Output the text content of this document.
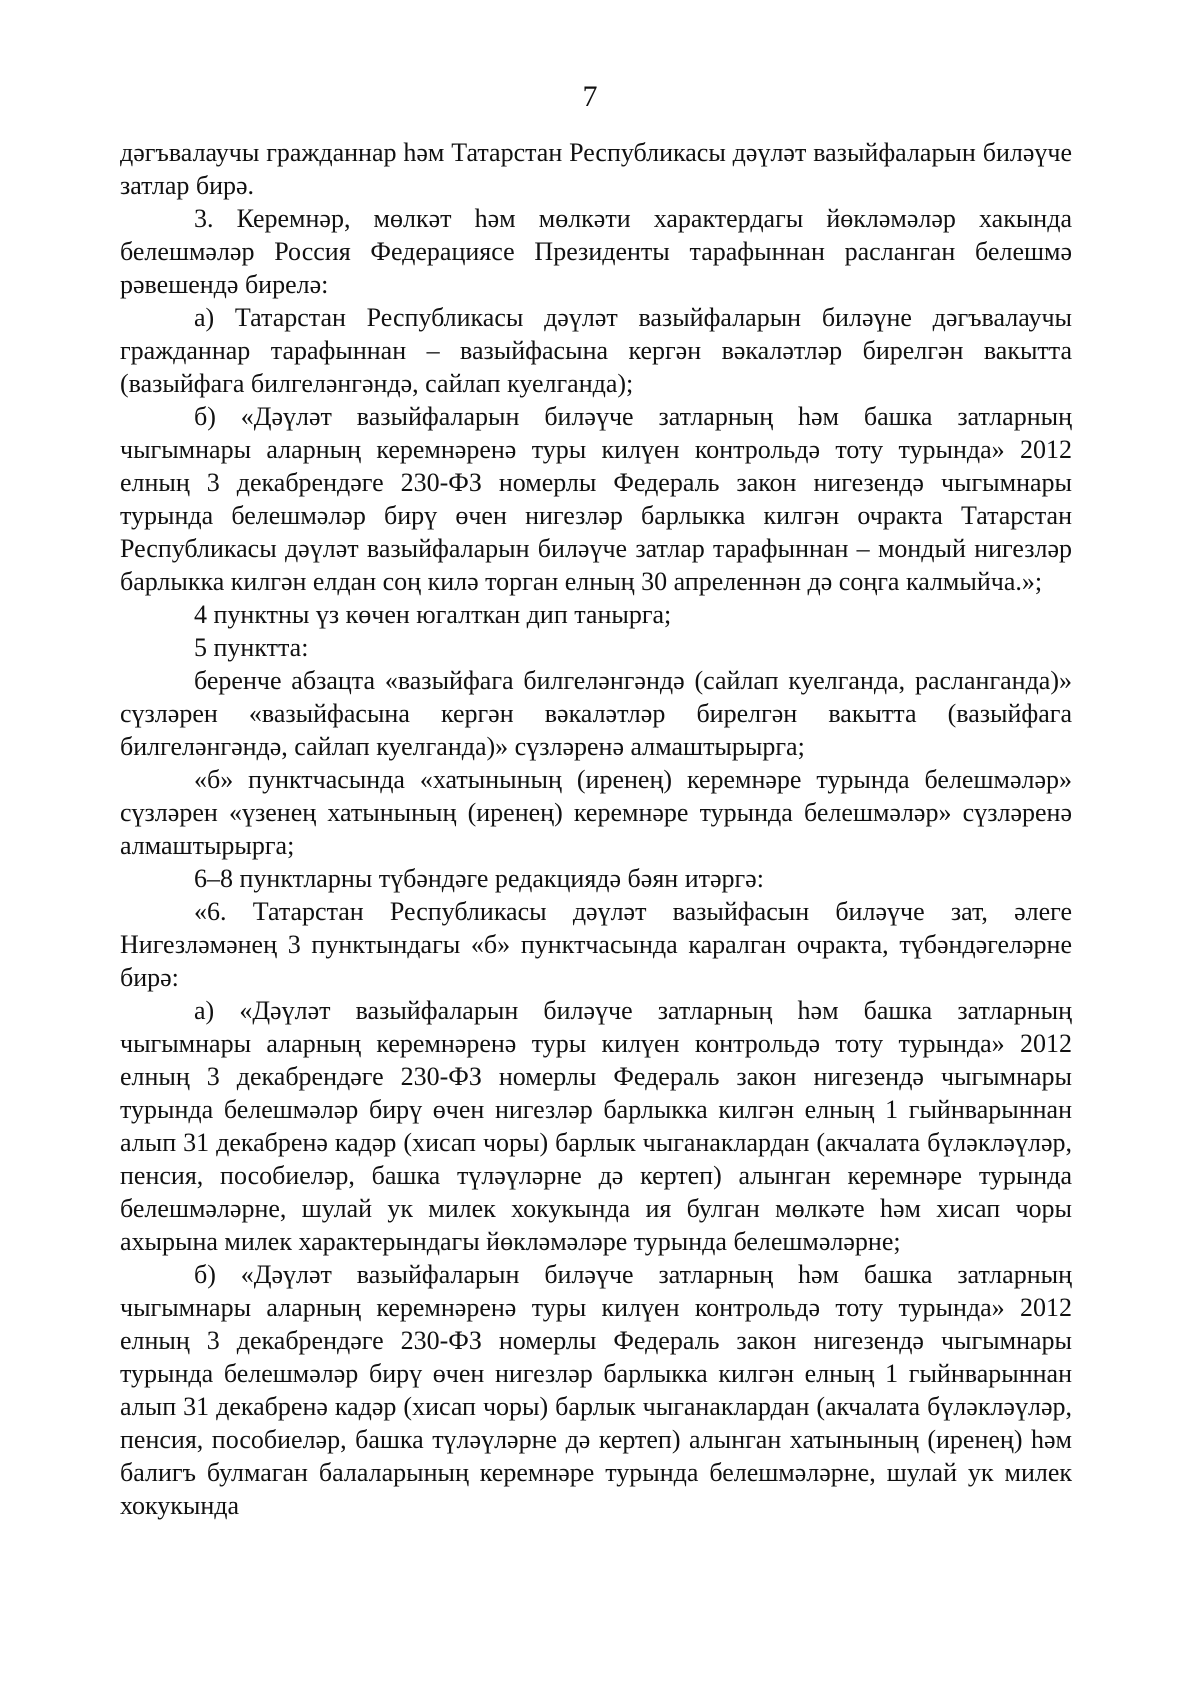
7

дәгъвалаучы гражданнар һәм Татарстан Республикасы дәүләт вазыйфаларын биләүче затлар бирә.

3. Керемнәр, мөлкәт һәм мөлкәти характердагы йөкләмәләр хакында белешмәләр Россия Федерациясе Президенты тарафыннан расланган белешмә рәвешендә бирелә:

а) Татарстан Республикасы дәүләт вазыйфаларын биләүне дәгъвалаучы гражданнар тарафыннан – вазыйфасына кергән вәкаләтләр бирелгән вакытта (вазыйфага билгеләнгәндә, сайлап куелганда);

б) «Дәүләт вазыйфаларын биләүче затларның һәм башка затларның чыгымнары аларның керемнәренә туры килүен контрольдә тоту турында» 2012 елның 3 декабрендәге 230-ФЗ номерлы Федераль закон нигезендә чыгымнары турында белешмәләр бирү өчен нигезләр барлыкка килгән очракта Татарстан Республикасы дәүләт вазыйфаларын биләүче затлар тарафыннан – мондый нигезләр барлыкка килгән елдан соң килә торган елның 30 апреленнән дә соңга калмыйча.»;

4 пунктны үз көчен югалткан дип танырга;

5 пунктта:

беренче абзацта «вазыйфага билгеләнгәндә (сайлап куелганда, расланганда)» сүзләрен «вазыйфасына кергән вәкаләтләр бирелгән вакытта (вазыйфага билгеләнгәндә, сайлап куелганда)» сүзләренә алмаштырырга;

«б» пунктчасында «хатынының (иренең) керемнәре турында белешмәләр» сүзләрен «үзенең хатынының (иренең) керемнәре турында белешмәләр» сүзләренә алмаштырырга;

6–8 пунктларны түбәндәге редакциядә бәян итәргә:

«6. Татарстан Республикасы дәүләт вазыйфасын биләүче зат, әлеге Нигезләмәнең 3 пунктындагы «б» пунктчасында каралган очракта, түбәндәгеләрне бирә:

а) «Дәүләт вазыйфаларын биләүче затларның һәм башка затларның чыгымнары аларның керемнәренә туры килүен контрольдә тоту турында» 2012 елның 3 декабрендәге 230-ФЗ номерлы Федераль закон нигезендә чыгымнары турында белешмәләр бирү өчен нигезләр барлыкка килгән елның 1 гыйнварыннан алып 31 декабренә кадәр (хисап чоры) барлык чыганаклардан (акчалата бүләкләүләр, пенсия, пособиеләр, башка түләүләрне дә кертеп) алынган керемнәре турында белешмәләрне, шулай ук милек хокукында ия булган мөлкәте һәм хисап чоры ахырына милек характерындагы йөкләмәләре турында белешмәләрне;

б) «Дәүләт вазыйфаларын биләүче затларның һәм башка затларның чыгымнары аларның керемнәренә туры килүен контрольдә тоту турында» 2012 елның 3 декабрендәге 230-ФЗ номерлы Федераль закон нигезендә чыгымнары турында белешмәләр бирү өчен нигезләр барлыкка килгән елның 1 гыйнварыннан алып 31 декабренә кадәр (хисап чоры) барлык чыганаклардан (акчалата бүләкләүләр, пенсия, пособиеләр, башка түләүләрне дә кертеп) алынган хатынының (иренең) һәм балигъ булмаган балаларының керемнәре турында белешмәләрне, шулай ук милек хокукында
